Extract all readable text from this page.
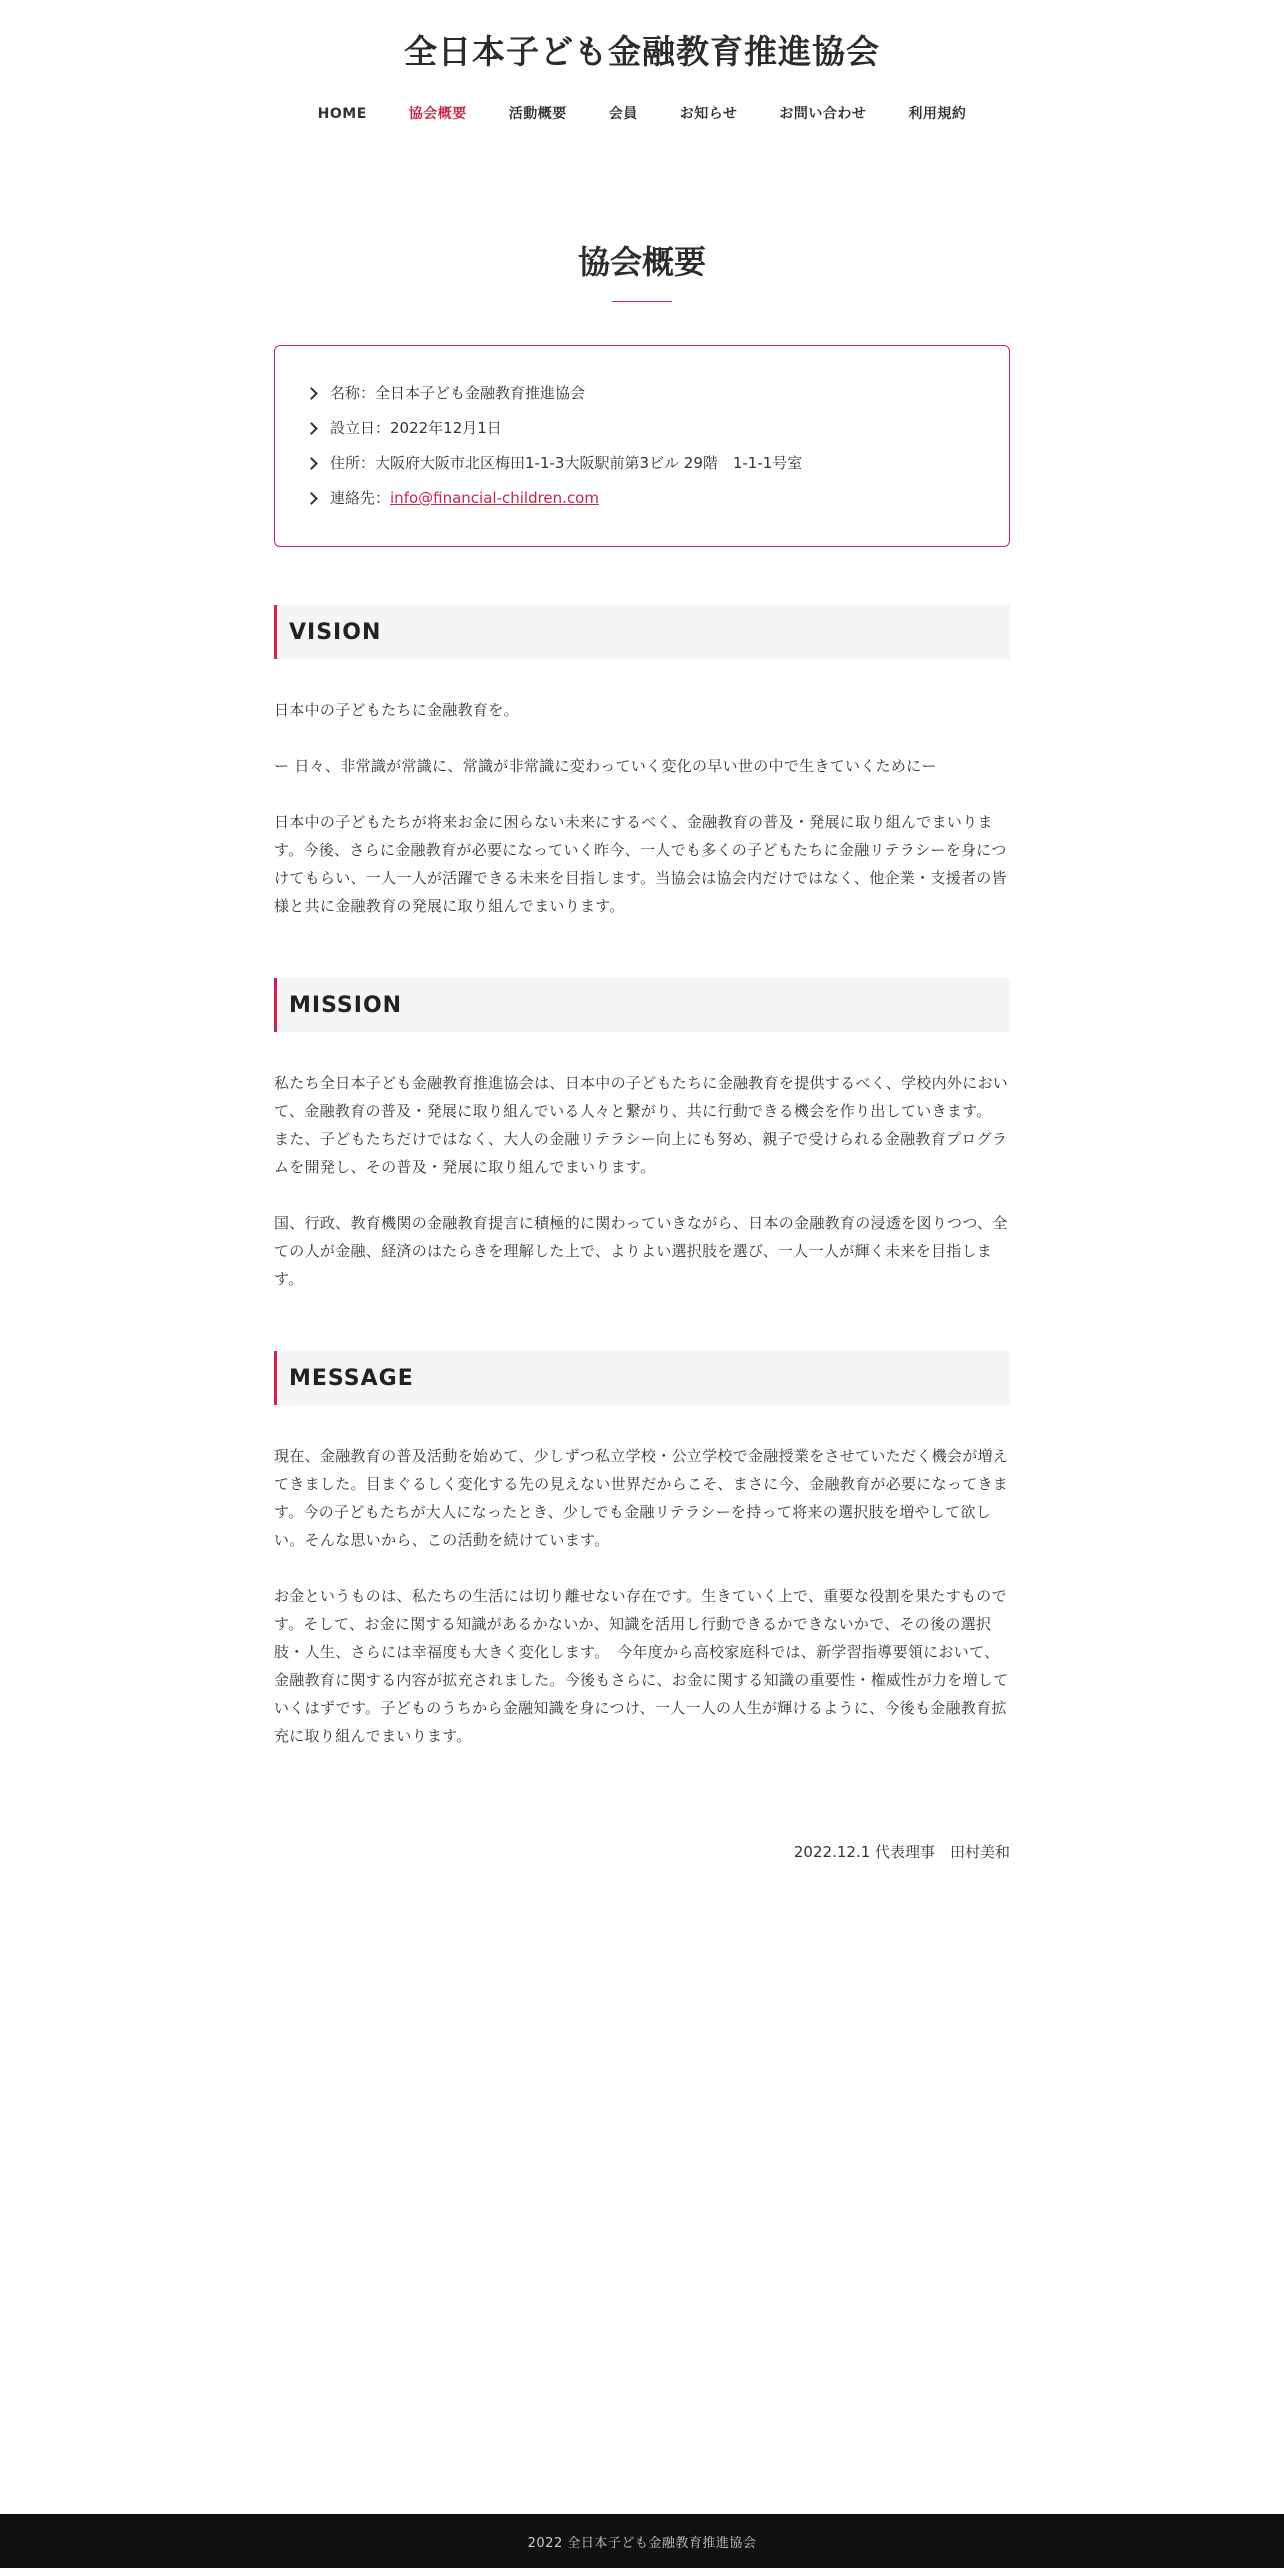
全日本子ども金融教育推進協会
HOME	協会概要	活動概要	会員	お知らせ	お問い合わせ	利用規約
協会概要
名称：全日本子ども金融教育推進協会
設立日：2022年12月1日
住所：大阪府大阪市北区梅田1-1-3大阪駅前第3ビル 29階　1-1-1号室
連絡先： info@financial-children.com
VISION

日本中の子どもたちに金融教育を。

ー 日々、非常識が常識に、常識が非常識に変わっていく変化の早い世の中で生きていくためにー

日本中の子どもたちが将来お金に困らない未来にするべく、金融教育の普及・発展に取り組んでまいります。今後、さらに金融教育が必要になっていく昨今、一人でも多くの子どもたちに金融リテラシーを身につけてもらい、一人一人が活躍できる未来を目指します。当協会は協会内だけではなく、他企業・支援者の皆様と共に金融教育の発展に取り組んでまいります。

MISSION

私たち全日本子ども金融教育推進協会は、日本中の子どもたちに金融教育を提供するべく、学校内外において、金融教育の普及・発展に取り組んでいる人々と繋がり、共に行動できる機会を作り出していきます。 また、子どもたちだけではなく、大人の金融リテラシー向上にも努め、親子で受けられる金融教育プログラムを開発し、その普及・発展に取り組んでまいります。

国、行政、教育機関の金融教育提言に積極的に関わっていきながら、日本の金融教育の浸透を図りつつ、全ての人が金融、経済のはたらきを理解した上で、よりよい選択肢を選び、一人一人が輝く未来を目指します。

MESSAGE

現在、金融教育の普及活動を始めて、少しずつ私立学校・公立学校で金融授業をさせていただく機会が増えてきました。目まぐるしく変化する先の見えない世界だからこそ、まさに今、金融教育が必要になってきます。今の子どもたちが大人になったとき、少しでも金融リテラシーを持って将来の選択肢を増やして欲しい。そんな思いから、この活動を続けています。

お金というものは、私たちの生活には切り離せない存在です。生きていく上で、重要な役割を果たすものです。そして、お金に関する知識があるかないか、知識を活用し行動できるかできないかで、その後の選択肢・人生、さらには幸福度も大きく変化します。　今年度から高校家庭科では、新学習指導要領において、金融教育に関する内容が拡充されました。今後もさらに、お金に関する知識の重要性・権威性が力を増していくはずです。子どものうちから金融知識を身につけ、一人一人の人生が輝けるように、今後も金融教育拡充に取り組んでまいります。

2022.12.1 代表理事　田村美和

2022 全日本子ども金融教育推進協会
